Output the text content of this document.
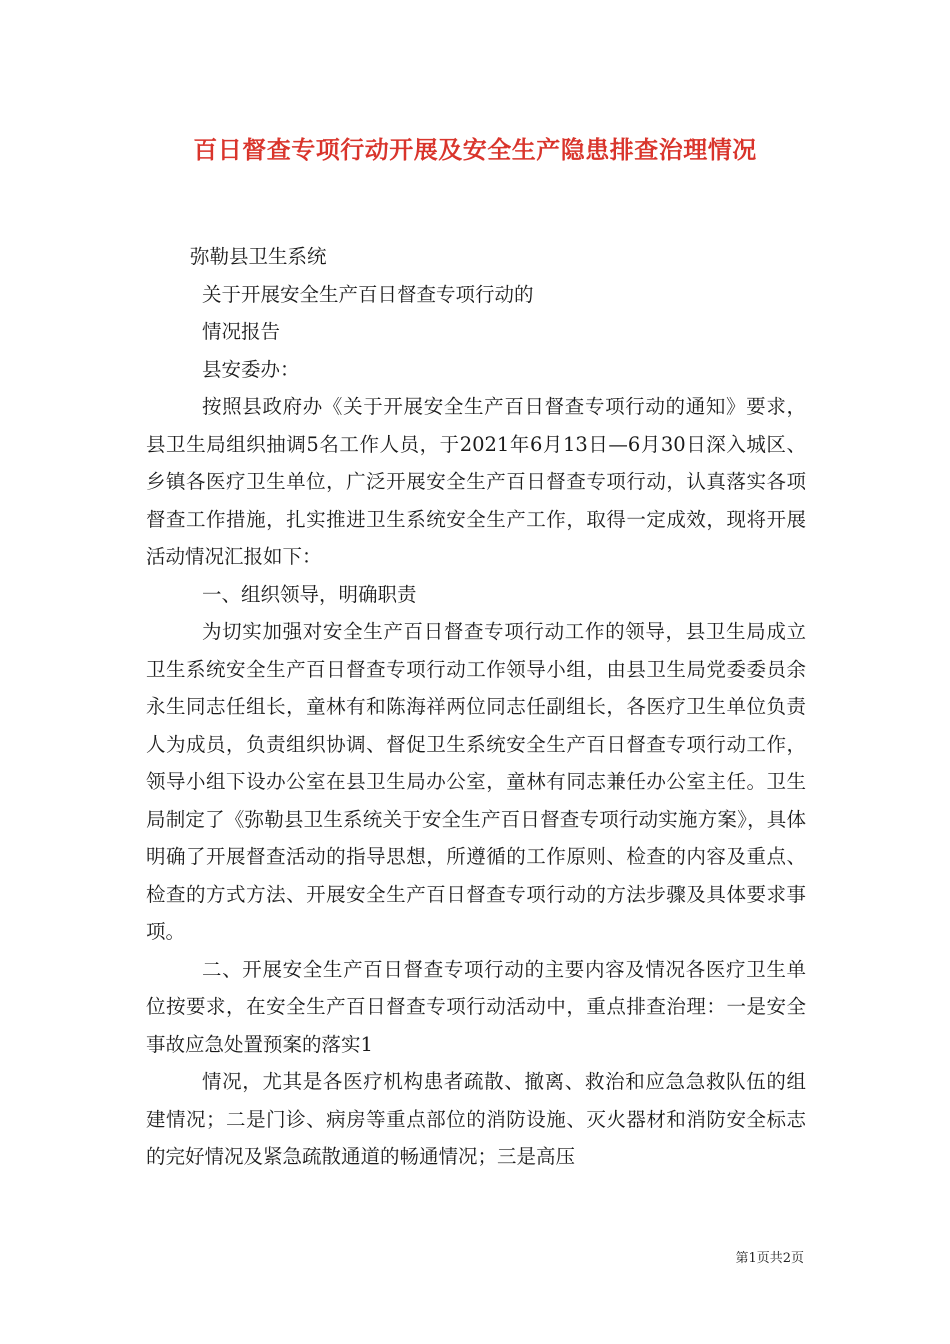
百日督查专项行动开展及安全生产隐患排查治理情况

弥勒县卫生系统

关于开展安全生产百日督查专项行动的

情况报告

县安委办：

按照县政府办《关于开展安全生产百日督查专项行动的通知》要求，县卫生局组织抽调5名工作人员，于2021年6月13日—6月30日深入城区、乡镇各医疗卫生单位，广泛开展安全生产百日督查专项行动，认真落实各项督查工作措施，扎实推进卫生系统安全生产工作，取得一定成效，现将开展活动情况汇报如下：

一、组织领导，明确职责

为切实加强对安全生产百日督查专项行动工作的领导，县卫生局成立卫生系统安全生产百日督查专项行动工作领导小组，由县卫生局党委委员余永生同志任组长，童林有和陈海祥两位同志任副组长，各医疗卫生单位负责人为成员，负责组织协调、督促卫生系统安全生产百日督查专项行动工作，领导小组下设办公室在县卫生局办公室，童林有同志兼任办公室主任。卫生局制定了《弥勒县卫生系统关于安全生产百日督查专项行动实施方案》，具体明确了开展督查活动的指导思想，所遵循的工作原则、检查的内容及重点、检查的方式方法、开展安全生产百日督查专项行动的方法步骤及具体要求事项。

二、开展安全生产百日督查专项行动的主要内容及情况各医疗卫生单位按要求，在安全生产百日督查专项行动活动中，重点排查治理：一是安全事故应急处置预案的落实1

情况，尤其是各医疗机构患者疏散、撤离、救治和应急急救队伍的组建情况；二是门诊、病房等重点部位的消防设施、灭火器材和消防安全标志的完好情况及紧急疏散通道的畅通情况；三是高压

第1页共2页
